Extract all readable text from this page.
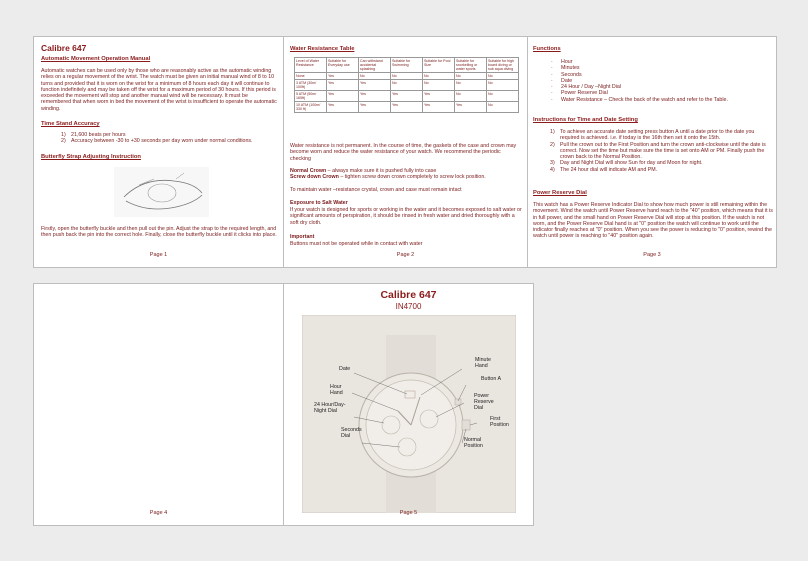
Calibre 647
Automatic Movement Operation Manual
Automatic watches can be used only by those who are reasonably active as the automatic winding relies on a regular movement of the wrist. The watch must be given an initial manual wind of 8 to 10 turns and provided that it is worn on the wrist for a minimum of 8 hours each day it will continue to function indefinitely and may be taken off the wrist for a maximum period of 30 hours. If this period is exceeded the movement will stop and another manual wind will be necessary. It must be remembered that when worn in bed the movement of the wrist is insufficient to operate the automatic winding.
Time Stand Accuracy
1) 21,600 beats per hours
2) Accuracy between -30 to +30 seconds per day worn under normal conditions.
Butterfly Strap Adjusting Instruction
Firstly, open the butterfly buckle and then pull out the pin. Adjust the strap to the required length, and then push back the pin into the correct hole. Finally, close the butterfly buckle until it clicks into place.
Page 1
Water Resistance Table
Level of Water Resistance	Suitable for Everyday use	Can withstand accidental splashing	Suitable for Swimming	Suitable for Pool Size	Suitable for snorkelling or water sports	Suitable for high board diving or sub aqua diving
None	Yes	No	No	No	No	No
3 ATM (30m/ 100ft)	Yes	Yes	No	No	No	No
5 ATM (50m/ 165ft)	Yes	Yes	Yes	Yes	No	No
10 ATM (100m/ 330 ft)	Yes	Yes	Yes	Yes	Yes	No
Water resistance is not permanent. In the course of time, the gaskets of the case and crown may become worn and reduce the water resistance of your watch. We recommend the periodic checking
Normal Crown – always make sure it is pushed fully into case
Screw down Crown – tighten screw down crown completely to screw lock position.
To maintain water –resistance crystal, crown and case must remain intact
Exposure to Salt Water
If your watch is designed for sports or working in the water and it becomes exposed to salt water or significant amounts of perspiration, it should be rinsed in fresh water and dried thoroughly with a soft dry cloth.
Important
Buttons must not be operated while in contact with water
Page 2
Functions
·	Hour
·	Minutes
·	Seconds
·	Date
·	24 Hour / Day –Night Dial
·	Power Reserve Dial
·	Water Resistance – Check the back of the watch and refer to the Table.
Instructions for Time and Date Setting
1) To achieve an accurate date setting press button A until a date prior to the date you required is achieved. i.e. if today is the 16th then set it onto the 15th.
2) Pull the crown out to the First Position and turn the crown anti-clockwise until the date is correct. Now set the time but make sure the time is set onto AM or PM. Finally push the crown back to the Normal Position.
3) Day and Night Dial will show Sun for day and Moon for night.
4) The 24 hour dial will indicate AM and PM.
Power Reserve Dial
This watch has a Power Reserve Indicator Dial to show how much power is still remaining within the movement. Wind the watch until Power Reserve hand reach to the "40" position, which means that it is in full power, and the small hand on Power Reserve Dial will stop at this position. If the watch is not worn, and the Power Reserve Dial hand is at "0" position the watch will continue to work until the indicator finally reaches at "0" position. When you see the power is reducing to "0" position, rewind the watch until power is reaching to "40" position again.
Page 3
Page 4
Calibre 647
IN4700
Date
Hour Hand
24 Hour/Day-Night Dial
Seconds Dial
Minute Hand
Button A
Power Reserve Dial
First Position
Normal Position
Page 5
